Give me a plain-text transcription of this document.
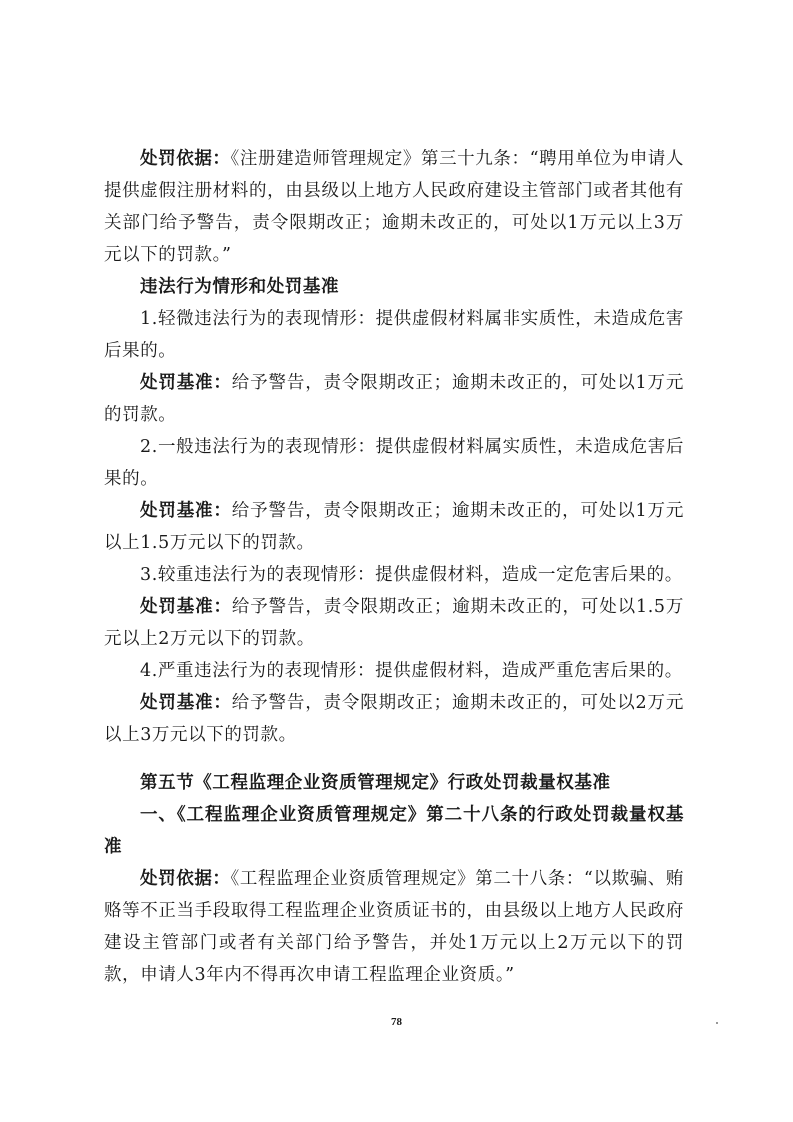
处罚依据：《注册建造师管理规定》第三十九条：“聘用单位为申请人提供虚假注册材料的，由县级以上地方人民政府建设主管部门或者其他有关部门给予警告，责令限期改正；逾期未改正的，可处以1万元以上3万元以下的罚款。”

违法行为情形和处罚基准

1.轻微违法行为的表现情形：提供虚假材料属非实质性，未造成危害后果的。

处罚基准：给予警告，责令限期改正；逾期未改正的，可处以1万元的罚款。

2.一般违法行为的表现情形：提供虚假材料属实质性，未造成危害后果的。

处罚基准：给予警告，责令限期改正；逾期未改正的，可处以1万元以上1.5万元以下的罚款。

3.较重违法行为的表现情形：提供虚假材料，造成一定危害后果的。

处罚基准：给予警告，责令限期改正；逾期未改正的，可处以1.5万元以上2万元以下的罚款。

4.严重违法行为的表现情形：提供虚假材料，造成严重危害后果的。

处罚基准：给予警告，责令限期改正；逾期未改正的，可处以2万元以上3万元以下的罚款。

第五节《工程监理企业资质管理规定》行政处罚裁量权基准

一、《工程监理企业资质管理规定》第二十八条的行政处罚裁量权基准

处罚依据：《工程监理企业资质管理规定》第二十八条：“以欺骗、贿赂等不正当手段取得工程监理企业资质证书的，由县级以上地方人民政府建设主管部门或者有关部门给予警告，并处1万元以上2万元以下的罚款，申请人3年内不得再次申请工程监理企业资质。”

78
